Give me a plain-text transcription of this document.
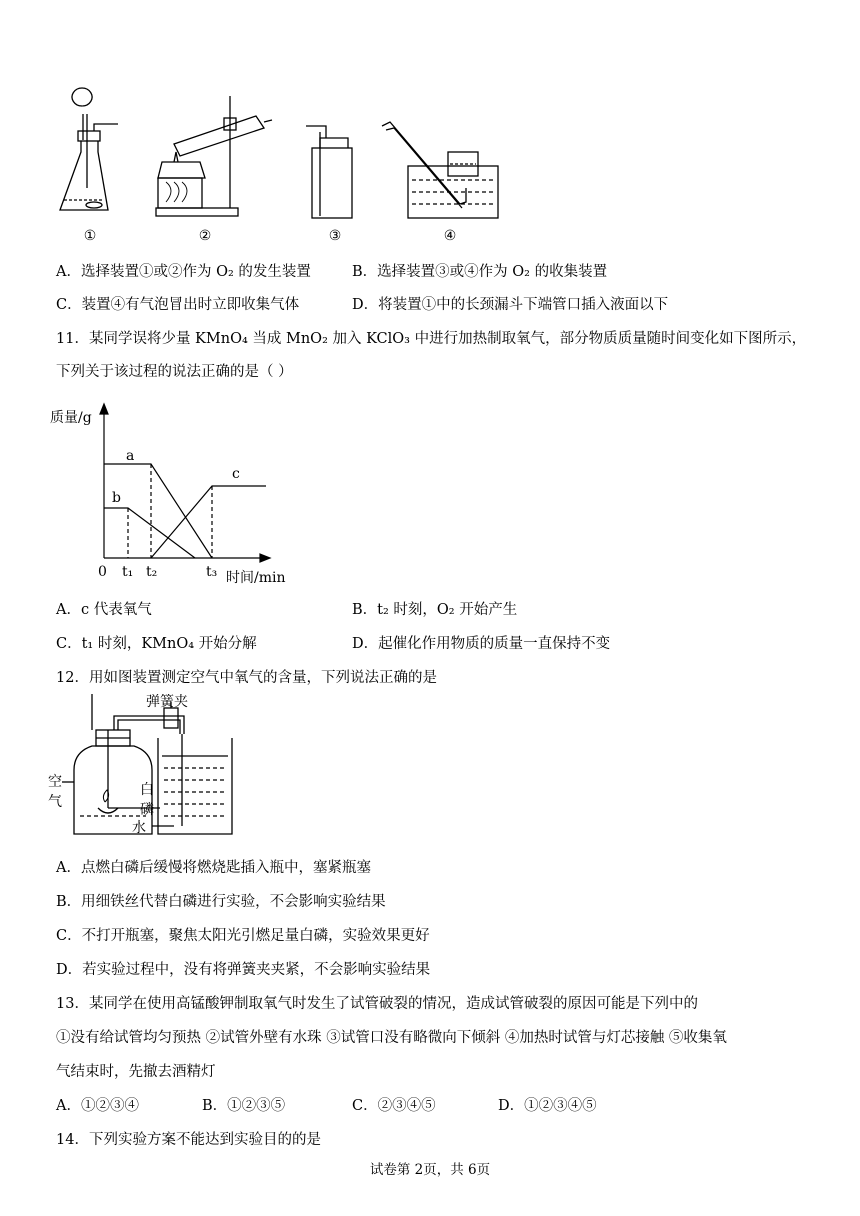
①	②	③	④
A．选择装置①或②作为 O₂ 的发生装置	B．选择装置③或④作为 O₂ 的收集装置
C．装置④有气泡冒出时立即收集气体	D．将装置①中的长颈漏斗下端管口插入液面以下
11．某同学误将少量 KMnO₄ 当成 MnO₂ 加入 KClO₃ 中进行加热制取氧气，部分物质质量随时间变化如下图所示，
下列关于该过程的说法正确的是（ ）
质量/g
时间/min
0 t₁ t₂	t₃
a
b
c
A．c 代表氧气	B．t₂ 时刻，O₂ 开始产生
C．t₁ 时刻，KMnO₄ 开始分解	D．起催化作用物质的质量一直保持不变
12．用如图装置测定空气中氧气的含量，下列说法正确的是
弹簧夹
空
气
白
磷
水
A．点燃白磷后缓慢将燃烧匙插入瓶中，塞紧瓶塞
B．用细铁丝代替白磷进行实验，不会影响实验结果
C．不打开瓶塞，聚焦太阳光引燃足量白磷，实验效果更好
D．若实验过程中，没有将弹簧夹夹紧，不会影响实验结果
13．某同学在使用高锰酸钾制取氧气时发生了试管破裂的情况，造成试管破裂的原因可能是下列中的
①没有给试管均匀预热 ②试管外壁有水珠 ③试管口没有略微向下倾斜 ④加热时试管与灯芯接触 ⑤收集氧
气结束时，先撤去酒精灯
A．①②③④	B．①②③⑤	C．②③④⑤	D．①②③④⑤
14．下列实验方案不能达到实验目的的是
试卷第 2页，共 6页
